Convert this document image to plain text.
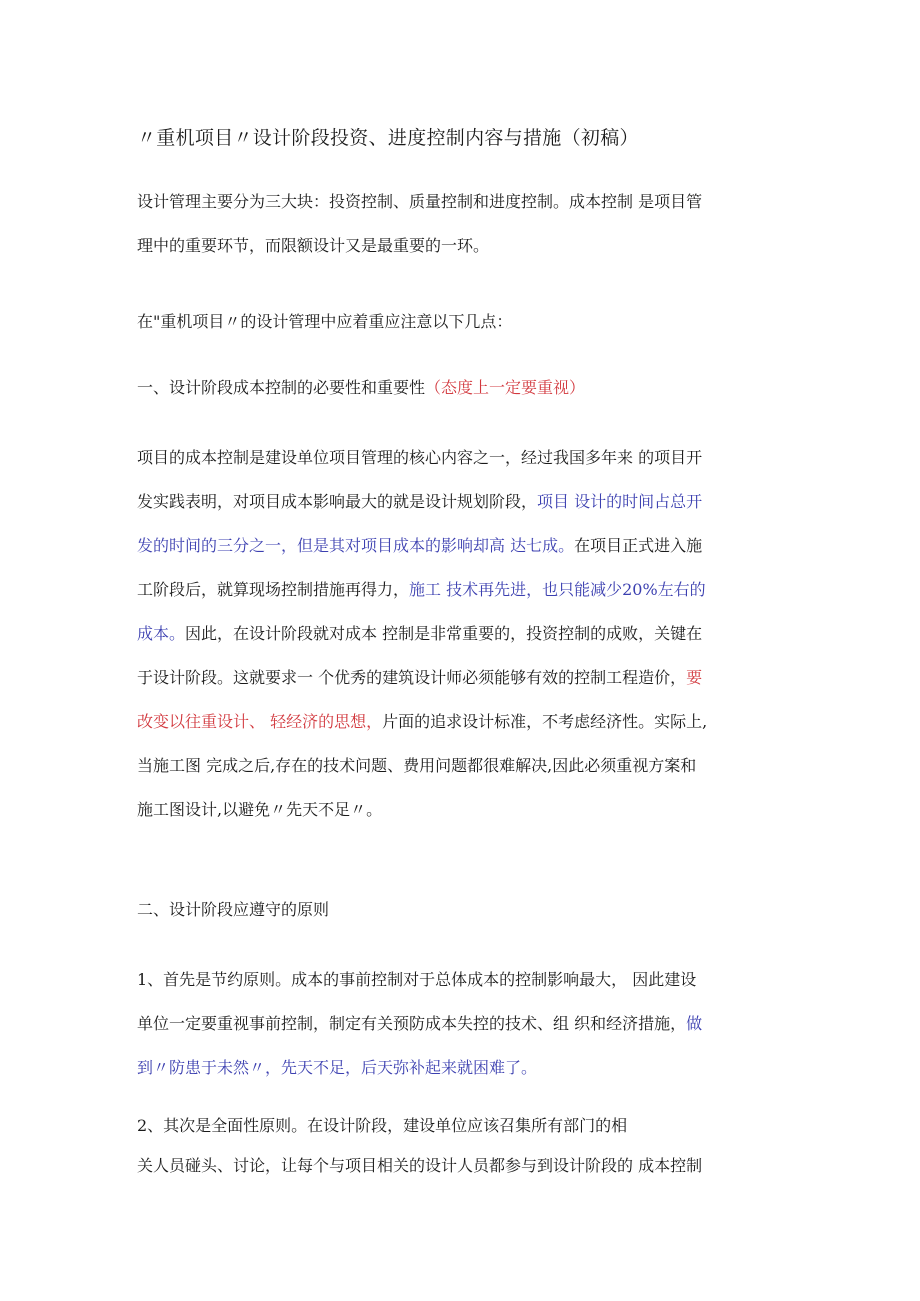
〃重机项目〃设计阶段投资、进度控制内容与措施（初稿）
设计管理主要分为三大块：投资控制、质量控制和进度控制。成本控制 是项目管
理中的重要环节，而限额设计又是最重要的一环。
在"重机项目〃的设计管理中应着重应注意以下几点：
一、设计阶段成本控制的必要性和重要性（态度上一定要重视）
项目的成本控制是建设单位项目管理的核心内容之一，经过我国多年来 的项目开
发实践表明，对项目成本影响最大的就是设计规划阶段，项目 设计的时间占总开
发的时间的三分之一，但是其对项目成本的影响却高 达七成。在项目正式进入施
工阶段后，就算现场控制措施再得力，施工 技术再先进，也只能减少20%左右的
成本。因此，在设计阶段就对成本 控制是非常重要的，投资控制的成败，关键在
于设计阶段。这就要求一 个优秀的建筑设计师必须能够有效的控制工程造价，要
改变以往重设计、 轻经济的思想，片面的追求设计标准，不考虑经济性。实际上,
当施工图 完成之后,存在的技术问题、费用问题都很难解决,因此必须重视方案和
施工图设计,以避免〃先天不足〃。
二、设计阶段应遵守的原则
1、首先是节约原则。成本的事前控制对于总体成本的控制影响最大， 因此建设
单位一定要重视事前控制，制定有关预防成本失控的技术、组 织和经济措施，做
到〃防患于未然〃，先天不足，后天弥补起来就困难了。
2、其次是全面性原则。在设计阶段，建设单位应该召集所有部门的相
关人员碰头、讨论，让每个与项目相关的设计人员都参与到设计阶段的 成本控制
